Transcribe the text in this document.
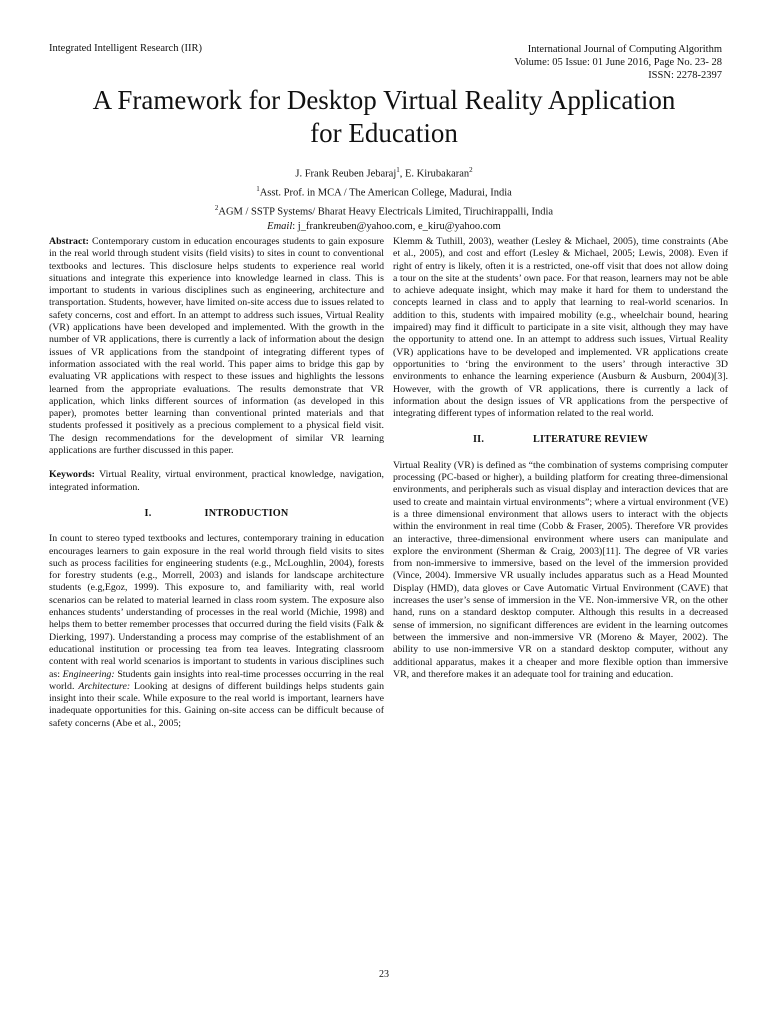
Integrated Intelligent Research (IIR)	International Journal of Computing Algorithm
Volume: 05 Issue: 01 June 2016, Page No. 23- 28
ISSN: 2278-2397
A Framework for Desktop Virtual Reality Application
for Education
J. Frank Reuben Jebaraj$^1$, E. Kirubakaran$^2$
$^1$Asst. Prof. in MCA / The American College, Madurai, India
$^2$AGM / SSTP Systems/ Bharat Heavy Electricals Limited, Tiruchirappalli, India
Email: j_frankreuben@yahoo.com, e_kiru@yahoo.com

Abstract: Contemporary custom in education encourages students to gain exposure in the real world through student visits (field visits) to sites in count to conventional textbooks and lectures. This disclosure helps students to experience real world situations and integrate this experience into knowledge learned in class. This is important to students in various disciplines such as engineering, architecture and transportation. Students, however, have limited on-site access due to issues related to safety concerns, cost and effort. In an attempt to address such issues, Virtual Reality (VR) applications have been developed and implemented. With the growth in the number of VR applications, there is currently a lack of information about the design issues of VR applications from the standpoint of integrating different types of information associated with the real world. This paper aims to bridge this gap by evaluating VR applications with respect to these issues and highlights the lessons learned from the appropriate evaluations. The results demonstrate that VR application, which links different sources of information (as developed in this paper), promotes better learning than conventional printed materials and that students professed it positively as a precious complement to a physical field visit. The design recommendations for the development of similar VR learning applications are further discussed in this paper.

Keywords: Virtual Reality, virtual environment, practical knowledge, navigation, integrated information.

I.	INTRODUCTION

In count to stereo typed textbooks and lectures, contemporary training in education encourages learners to gain exposure in the real world through field visits to sites such as process facilities for engineering students (e.g., McLoughlin, 2004), forests for forestry students (e.g., Morrell, 2003) and islands for landscape architecture students (e.g,Egoz, 1999). This exposure to, and familiarity with, real world scenarios can be related to material learned in class room system. The exposure also enhances students’ understanding of processes in the real world (Michie, 1998) and helps them to better remember processes that occurred during the field visits (Falk & Dierking, 1997). Understanding a process may comprise of the establishment of an educational institution or processing tea from tea leaves. Integrating classroom content with real world scenarios is important to students in various disciplines such as: Engineering: Students gain insights into real-time processes occurring in the real world. Architecture: Looking at designs of different buildings helps students gain insight into their scale. While exposure to the real world is important, learners have inadequate opportunities for this. Gaining on-site access can be difficult because of safety concerns (Abe et al., 2005;

Klemm & Tuthill, 2003), weather (Lesley & Michael, 2005), time constraints (Abe et al., 2005), and cost and effort (Lesley & Michael, 2005; Lewis, 2008). Even if right of entry is likely, often it is a restricted, one-off visit that does not allow doing a tour on the site at the students’ own pace. For that reason, learners may not be able to achieve adequate insight, which may make it hard for them to understand the concepts learned in class and to apply that learning to real-world scenarios. In addition to this, students with impaired mobility (e.g., wheelchair bound, hearing impaired) may find it difficult to participate in a site visit, although they may have the opportunity to attend one. In an attempt to address such issues, Virtual Reality (VR) applications have to be developed and implemented. VR applications create opportunities to ‘bring the environment to the users’ through interactive 3D environments to enhance the learning experience (Ausburn & Ausburn, 2004)[3]. However, with the growth of VR applications, there is currently a lack of information about the design issues of VR applications from the perspective of integrating different types of information related to the real world.

II.	LITERATURE REVIEW

Virtual Reality (VR) is defined as “the combination of systems comprising computer processing (PC-based or higher), a building platform for creating three-dimensional environments, and peripherals such as visual display and interaction devices that are used to create and maintain virtual environments”; where a virtual environment (VE) is a three dimensional environment that allows users to interact with the objects within the environment in real time (Cobb & Fraser, 2005). Therefore VR provides an interactive, three-dimensional environment where users can manipulate and explore the environment (Sherman & Craig, 2003)[11]. The degree of VR varies from non-immersive to immersive, based on the level of the immersion provided (Vince, 2004). Immersive VR usually includes apparatus such as a Head Mounted Display (HMD), data gloves or Cave Automatic Virtual Environment (CAVE) that increases the user’s sense of immersion in the VE. Non-immersive VR, on the other hand, runs on a standard desktop computer. Although this results in a decreased sense of immersion, no significant differences are evident in the learning outcomes between the immersive and non-immersive VR (Moreno & Mayer, 2002). The ability to use non-immersive VR on a standard desktop computer, without any additional apparatus, makes it a cheaper and more flexible option than immersive VR, and therefore makes it an adequate tool for training and education.

23
